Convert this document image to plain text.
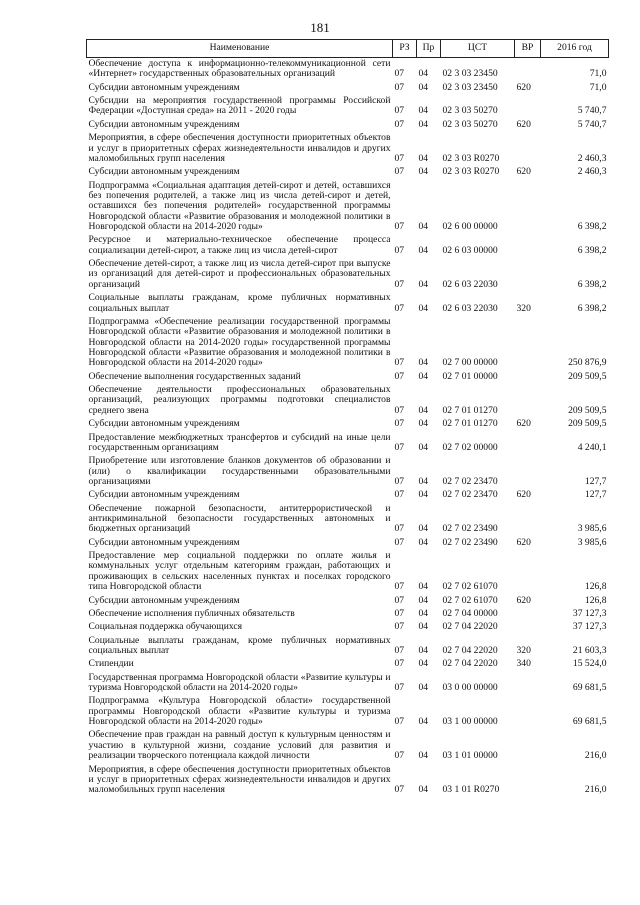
181
Наименование	РЗ	Пр	ЦСТ	ВР	2016 год
Обеспечение доступа к информационно-телекоммуникационной сети «Интернет» государственных образовательных организаций	07	04	02 3 03 23450		71,0
Субсидии автономным учреждениям	07	04	02 3 03 23450	620	71,0
Субсидии на мероприятия государственной программы Российской Федерации «Доступная среда» на 2011 - 2020 годы	07	04	02 3 03 50270		5 740,7
Субсидии автономным учреждениям	07	04	02 3 03 50270	620	5 740,7
Мероприятия, в сфере обеспечения доступности приоритетных объектов и услуг в приоритетных сферах жизнедеятельности инвалидов и других маломобильных групп населения	07	04	02 3 03 R0270		2 460,3
Субсидии автономным учреждениям	07	04	02 3 03 R0270	620	2 460,3
Подпрограмма «Социальная адаптация детей-сирот и детей, оставшихся без попечения родителей, а также лиц из числа детей-сирот и детей, оставшихся без попечения родителей» государственной программы Новгородской области «Развитие образования и молодежной политики в Новгородской области на 2014-2020 годы»	07	04	02 6 00 00000		6 398,2
Ресурсное и материально-техническое обеспечение процесса социализации детей-сирот, а также лиц из числа детей-сирот	07	04	02 6 03 00000		6 398,2
Обеспечение детей-сирот, а также лиц из числа детей-сирот при выпуске из организаций для детей-сирот и профессиональных образовательных организаций	07	04	02 6 03 22030		6 398,2
Социальные выплаты гражданам, кроме публичных нормативных социальных выплат	07	04	02 6 03 22030	320	6 398,2
Подпрограмма «Обеспечение реализации государственной программы Новгородской области «Развитие образования и молодежной политики в Новгородской области на 2014-2020 годы» государственной программы Новгородской области «Развитие образования и молодежной политики в Новгородской области на 2014-2020 годы»	07	04	02 7 00 00000		250 876,9
Обеспечение выполнения государственных заданий	07	04	02 7 01 00000		209 509,5
Обеспечение деятельности профессиональных образовательных организаций, реализующих программы подготовки специалистов среднего звена	07	04	02 7 01 01270		209 509,5
Субсидии автономным учреждениям	07	04	02 7 01 01270	620	209 509,5
Предоставление межбюджетных трансфертов и субсидий на иные цели государственным организациям	07	04	02 7 02 00000		4 240,1
Приобретение или изготовление бланков документов об образовании и (или) о квалификации государственными образовательными организациями	07	04	02 7 02 23470		127,7
Субсидии автономным учреждениям	07	04	02 7 02 23470	620	127,7
Обеспечение пожарной безопасности, антитеррористической и антикриминальной безопасности государственных автономных и бюджетных организаций	07	04	02 7 02 23490		3 985,6
Субсидии автономным учреждениям	07	04	02 7 02 23490	620	3 985,6
Предоставление мер социальной поддержки по оплате жилья и коммунальных услуг отдельным категориям граждан, работающих и проживающих в сельских населенных пунктах и поселках городского типа Новгородской области	07	04	02 7 02 61070		126,8
Субсидии автономным учреждениям	07	04	02 7 02 61070	620	126,8
Обеспечение исполнения публичных обязательств	07	04	02 7 04 00000		37 127,3
Социальная поддержка обучающихся	07	04	02 7 04 22020		37 127,3
Социальные выплаты гражданам, кроме публичных нормативных социальных выплат	07	04	02 7 04 22020	320	21 603,3
Стипендии	07	04	02 7 04 22020	340	15 524,0
Государственная программа Новгородской области «Развитие культуры и туризма Новгородской области на 2014-2020 годы»	07	04	03 0 00 00000		69 681,5
Подпрограмма «Культура Новгородской области» государственной программы Новгородской области «Развитие культуры и туризма Новгородской области на 2014-2020 годы»	07	04	03 1 00 00000		69 681,5
Обеспечение прав граждан на равный доступ к культурным ценностям и участию в культурной жизни, создание условий для развития и реализации творческого потенциала каждой личности	07	04	03 1 01 00000		216,0
Мероприятия, в сфере обеспечения доступности приоритетных объектов и услуг в приоритетных сферах жизнедеятельности инвалидов и других маломобильных групп населения	07	04	03 1 01 R0270		216,0
